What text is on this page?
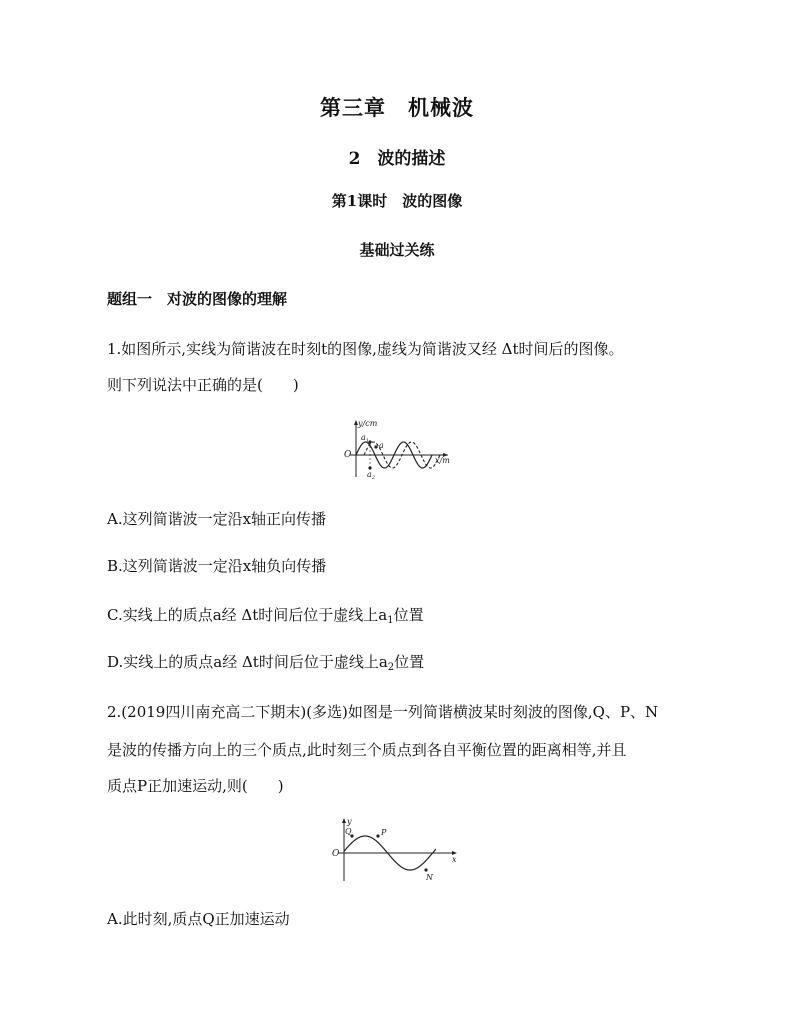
第三章　机械波
2　波的描述
第1课时　波的图像
基础过关练
题组一　对波的图像的理解
1.如图所示,实线为简谐波在时刻t的图像,虚线为简谐波又经 Δt时间后的图像。
则下列说法中正确的是(　　)
y/cm
x/m
O
$a_1$ a
$a_2$
A.这列简谐波一定沿x轴正向传播
B.这列简谐波一定沿x轴负向传播
C.实线上的质点a经 Δt时间后位于虚线上$a_1$位置
D.实线上的质点a经 Δt时间后位于虚线上$a_2$位置
2.(2019四川南充高二下期末)(多选)如图是一列简谐横波某时刻波的图像,Q、P、N
是波的传播方向上的三个质点,此时刻三个质点到各自平衡位置的距离相等,并且
质点P正加速运动,则(　　)
y
x
O
Q	P
N
A.此时刻,质点Q正加速运动
